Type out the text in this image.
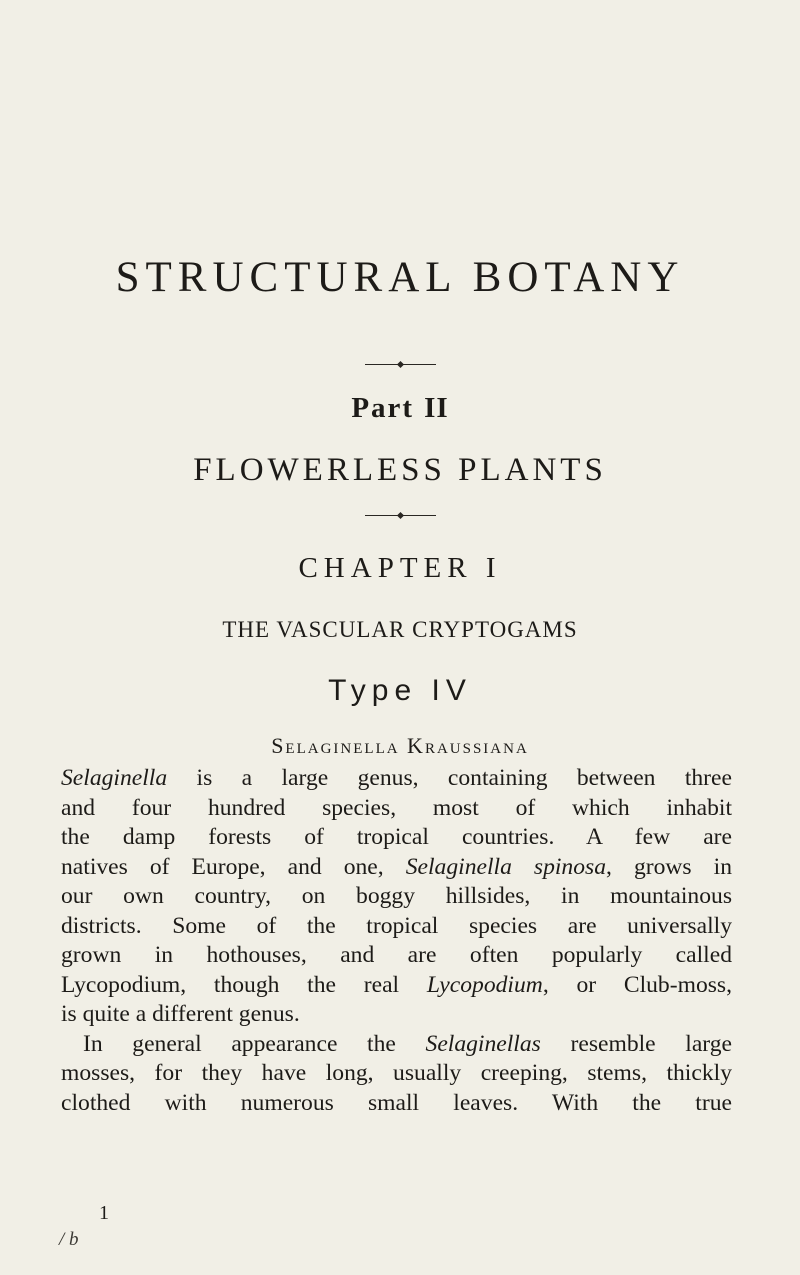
STRUCTURAL BOTANY
Part II
FLOWERLESS PLANTS
CHAPTER I
THE VASCULAR CRYPTOGAMS
Type IV
Selaginella Kraussiana
Selaginella is a large genus, containing between three
and four hundred species, most of which inhabit
the damp forests of tropical countries. A few are
natives of Europe, and one, Selaginella spinosa, grows in
our own country, on boggy hillsides, in mountainous
districts. Some of the tropical species are universally
grown in hothouses, and are often popularly called
Lycopodium, though the real Lycopodium, or Club-moss,
is quite a different genus.
In general appearance the Selaginellas resemble large
mosses, for they have long, usually creeping, stems, thickly
clothed with numerous small leaves. With the true
1
/ b
